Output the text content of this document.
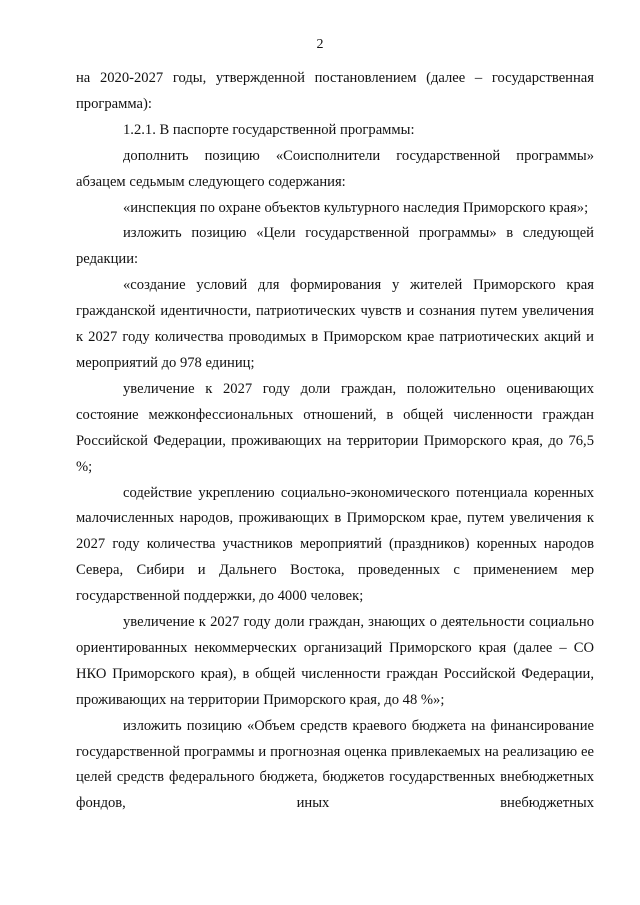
2

на 2020-2027 годы, утвержденной постановлением (далее – государственная программа):

1.2.1. В паспорте государственной программы:

дополнить позицию «Соисполнители государственной программы» абзацем седьмым следующего содержания:

«инспекция по охране объектов культурного наследия Приморского края»;

изложить позицию «Цели государственной программы» в следующей редакции:

«создание условий для формирования у жителей Приморского края гражданской идентичности, патриотических чувств и сознания путем увеличения к 2027 году количества проводимых в Приморском крае патриотических акций и мероприятий до 978 единиц;

увеличение к 2027 году доли граждан, положительно оценивающих состояние межконфессиональных отношений, в общей численности граждан Российской Федерации, проживающих на территории Приморского края, до 76,5 %;

содействие укреплению социально-экономического потенциала коренных малочисленных народов, проживающих в Приморском крае, путем увеличения к 2027 году количества участников мероприятий (праздников) коренных народов Севера, Сибири и Дальнего Востока, проведенных с применением мер государственной поддержки, до 4000 человек;

увеличение к 2027 году доли граждан, знающих о деятельности социально ориентированных некоммерческих организаций Приморского края (далее – СО НКО Приморского края), в общей численности граждан Российской Федерации, проживающих на территории Приморского края, до 48 %»;

изложить позицию «Объем средств краевого бюджета на финансирование государственной программы и прогнозная оценка привлекаемых на реализацию ее целей средств федерального бюджета, бюджетов государственных внебюджетных фондов, иных внебюджетных
